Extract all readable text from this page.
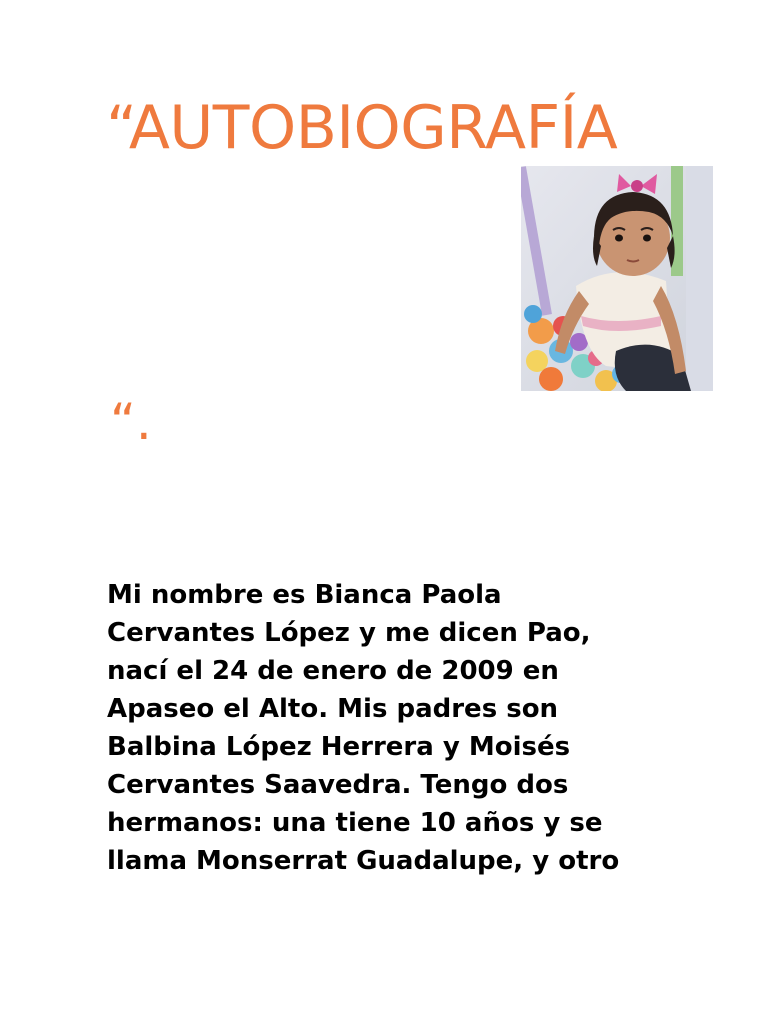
“AUTOBIOGRAFÍA
“.

Mi nombre es Bianca Paola
Cervantes López y me dicen Pao,
nací el 24 de enero de 2009 en
Apaseo el Alto. Mis padres son
Balbina López Herrera y Moisés
Cervantes Saavedra. Tengo dos
hermanos: una tiene 10 años y se
llama Monserrat Guadalupe, y otro
